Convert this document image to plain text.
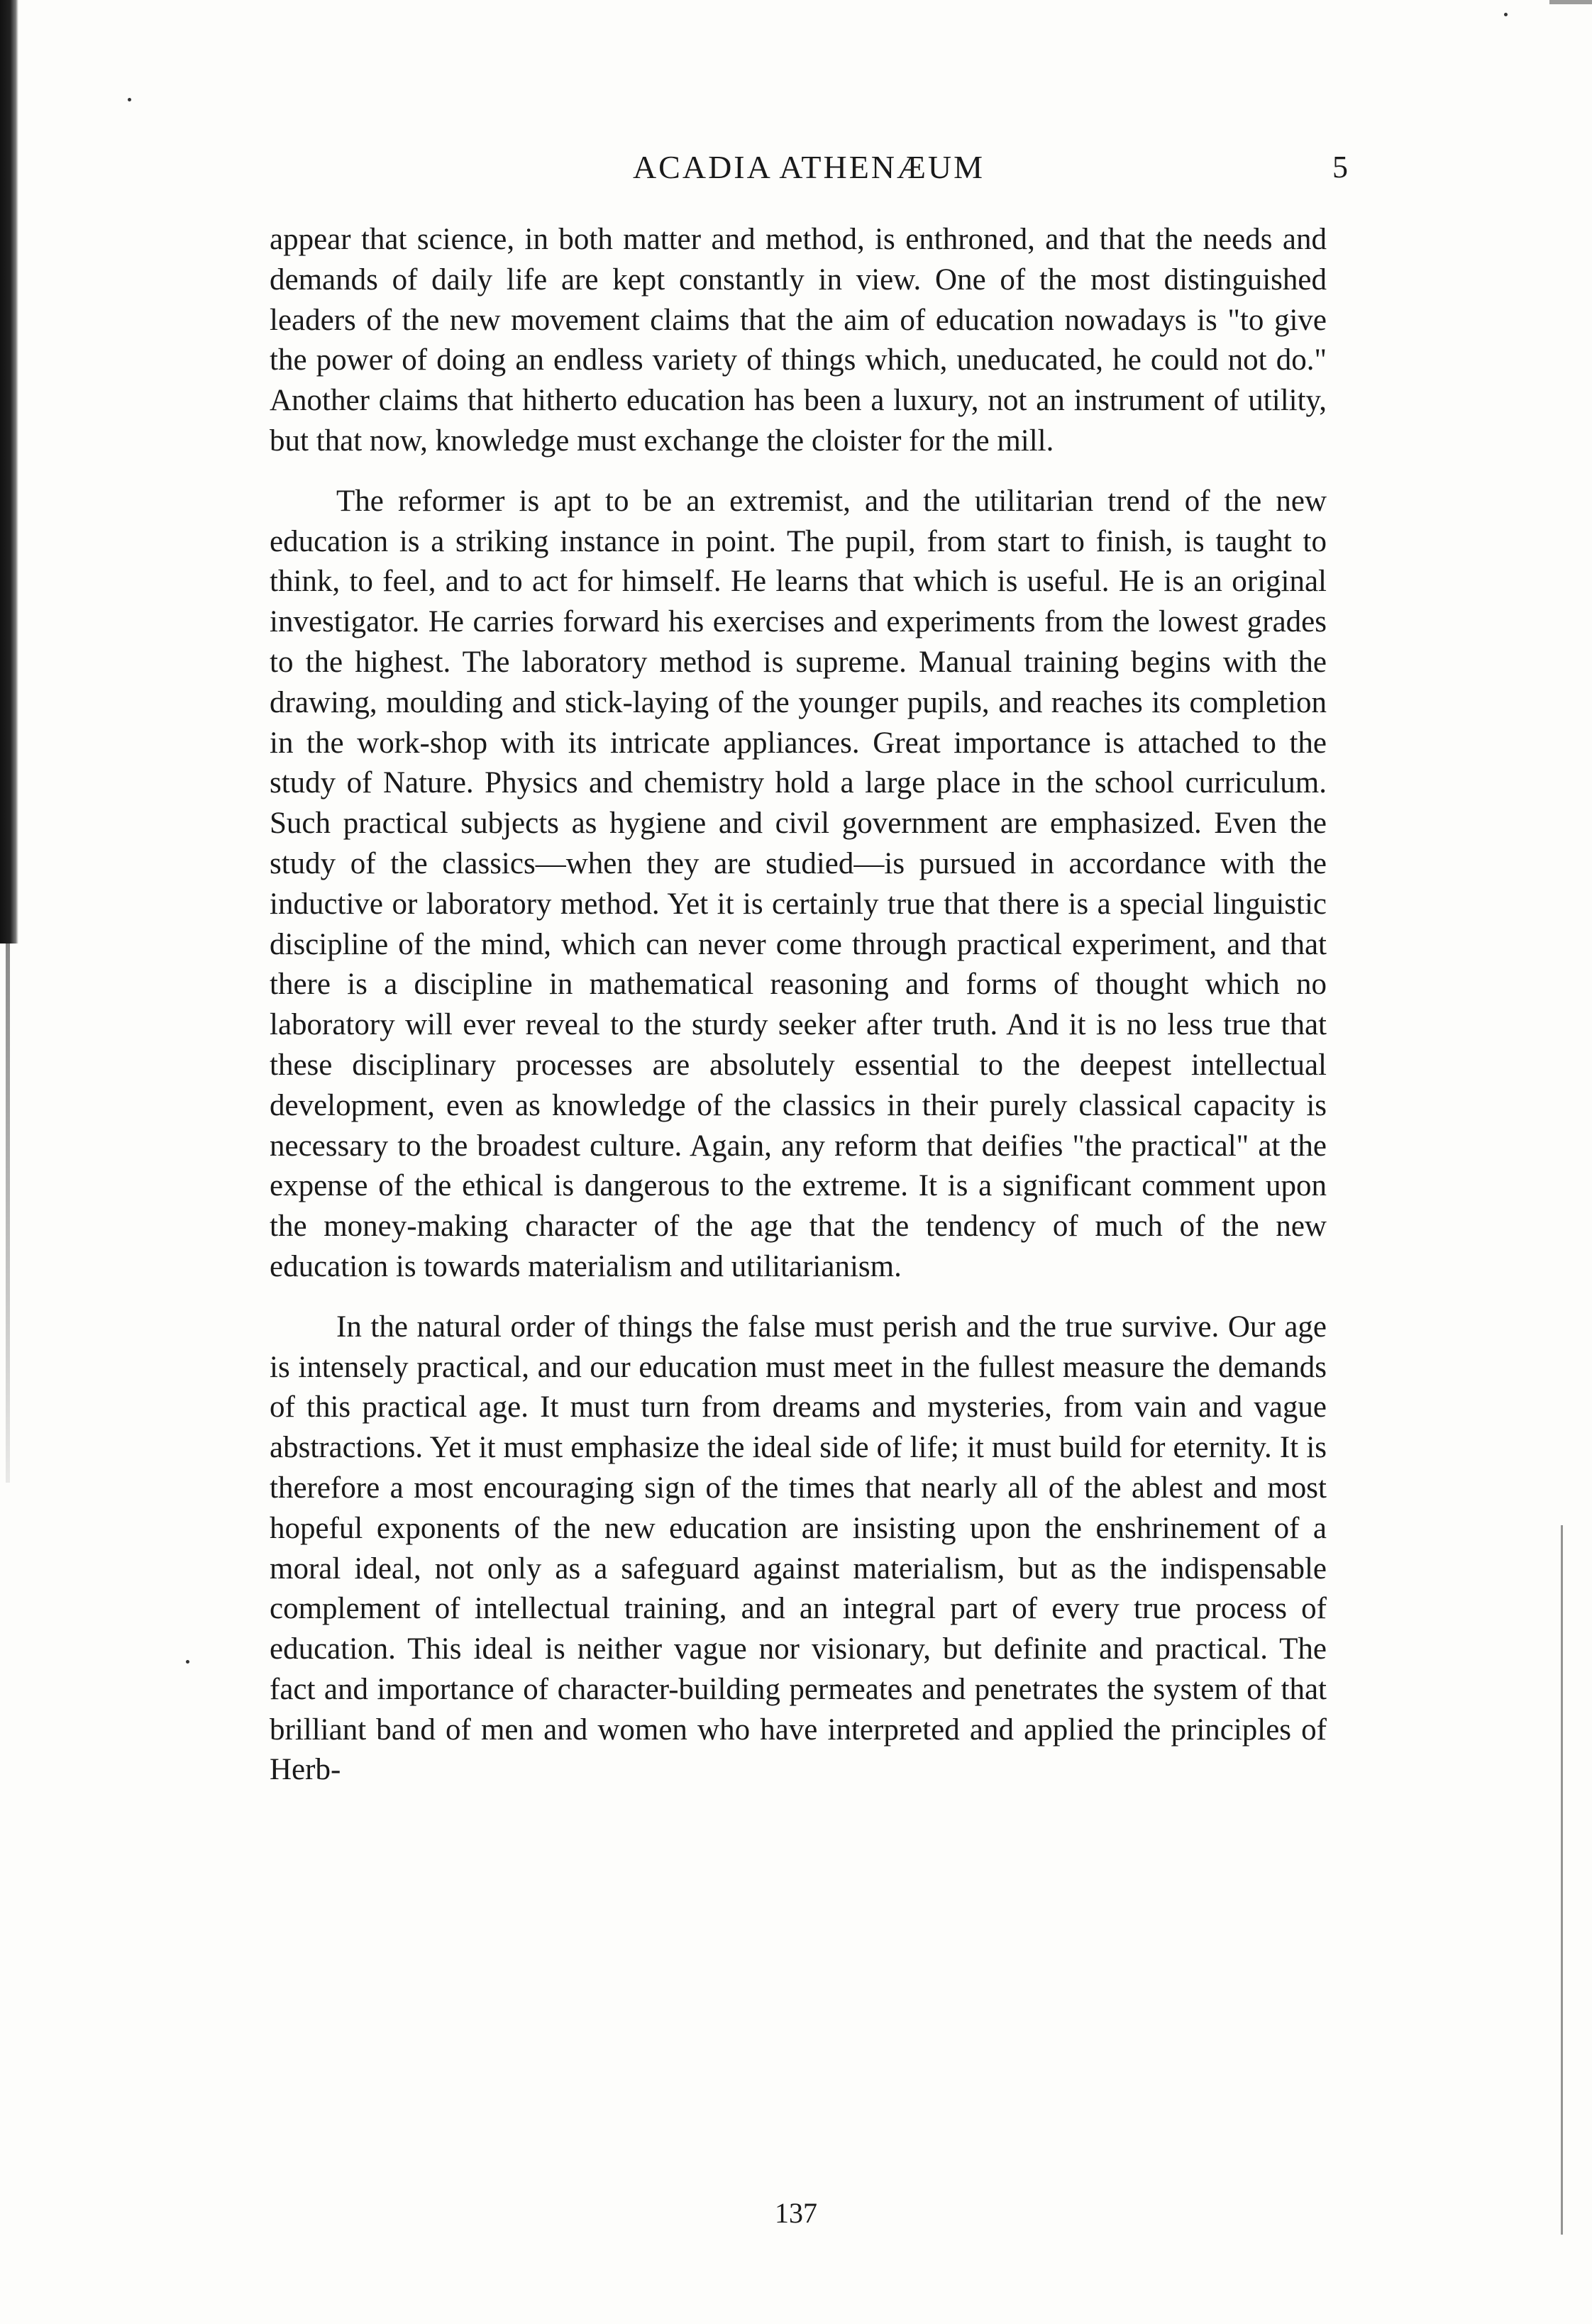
ACADIA ATHENÆUM	5

appear that science, in both matter and method, is enthroned, and that the needs and demands of daily life are kept constantly in view. One of the most distinguished leaders of the new movement claims that the aim of education nowadays is "to give the power of doing an endless variety of things which, uneducated, he could not do." Another claims that hitherto education has been a luxury, not an instrument of utility, but that now, knowledge must exchange the cloister for the mill.

The reformer is apt to be an extremist, and the utilitarian trend of the new education is a striking instance in point. The pupil, from start to finish, is taught to think, to feel, and to act for himself. He learns that which is useful. He is an original investigator. He carries forward his exercises and experiments from the lowest grades to the highest. The laboratory method is supreme. Manual training begins with the drawing, moulding and stick-laying of the younger pupils, and reaches its completion in the work-shop with its intricate appliances. Great importance is attached to the study of Nature. Physics and chemistry hold a large place in the school curriculum. Such practical subjects as hygiene and civil government are emphasized. Even the study of the classics—when they are studied—is pursued in accordance with the inductive or laboratory method. Yet it is certainly true that there is a special linguistic discipline of the mind, which can never come through practical experiment, and that there is a discipline in mathematical reasoning and forms of thought which no laboratory will ever reveal to the sturdy seeker after truth. And it is no less true that these disciplinary processes are absolutely essential to the deepest intellectual development, even as knowledge of the classics in their purely classical capacity is necessary to the broadest culture. Again, any reform that deifies "the practical" at the expense of the ethical is dangerous to the extreme. It is a significant comment upon the money-making character of the age that the tendency of much of the new education is towards materialism and utilitarianism.

In the natural order of things the false must perish and the true survive. Our age is intensely practical, and our education must meet in the fullest measure the demands of this practical age. It must turn from dreams and mysteries, from vain and vague abstractions. Yet it must emphasize the ideal side of life; it must build for eternity. It is therefore a most encouraging sign of the times that nearly all of the ablest and most hopeful exponents of the new education are insisting upon the enshrinement of a moral ideal, not only as a safeguard against materialism, but as the indispensable complement of intellectual training, and an integral part of every true process of education. This ideal is neither vague nor visionary, but definite and practical. The fact and importance of character-building permeates and penetrates the system of that brilliant band of men and women who have interpreted and applied the principles of Herb-

137
